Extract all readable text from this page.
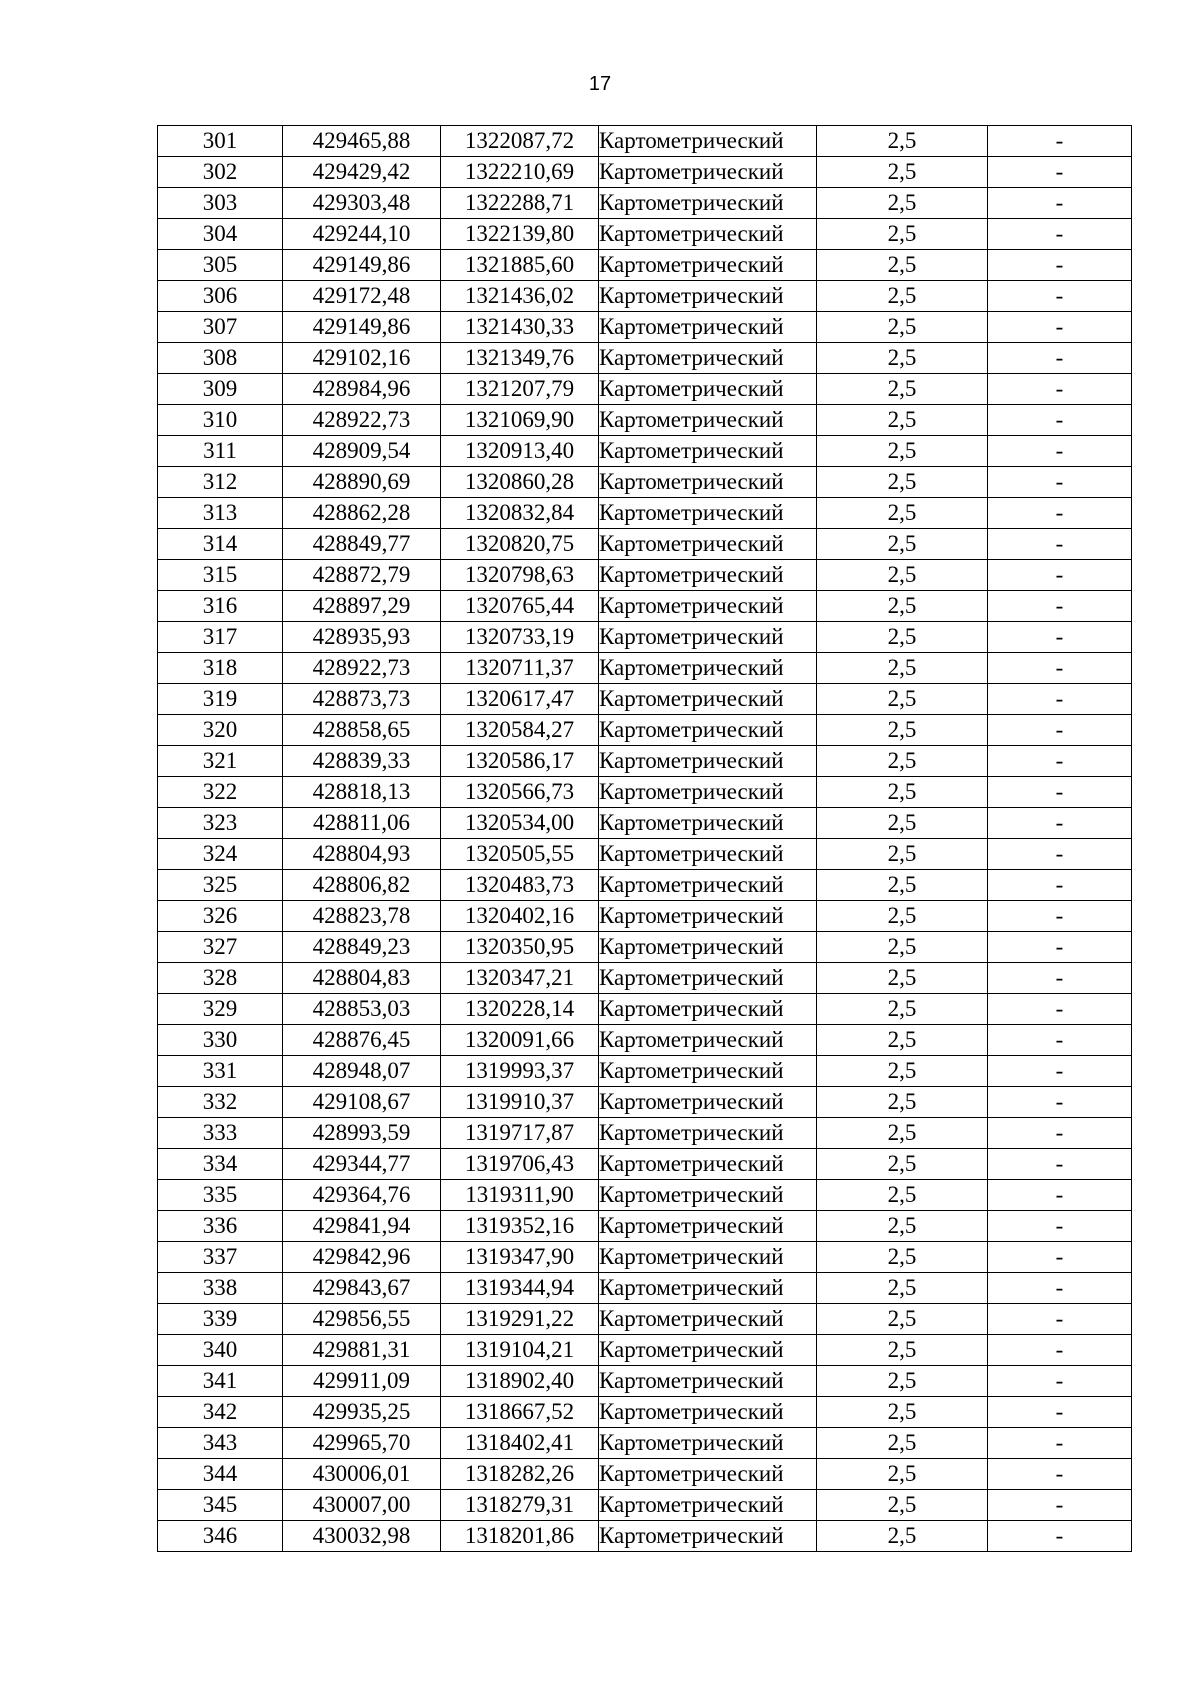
17
301	429465,88	1322087,72	Картометрический	2,5	-
302	429429,42	1322210,69	Картометрический	2,5	-
303	429303,48	1322288,71	Картометрический	2,5	-
304	429244,10	1322139,80	Картометрический	2,5	-
305	429149,86	1321885,60	Картометрический	2,5	-
306	429172,48	1321436,02	Картометрический	2,5	-
307	429149,86	1321430,33	Картометрический	2,5	-
308	429102,16	1321349,76	Картометрический	2,5	-
309	428984,96	1321207,79	Картометрический	2,5	-
310	428922,73	1321069,90	Картометрический	2,5	-
311	428909,54	1320913,40	Картометрический	2,5	-
312	428890,69	1320860,28	Картометрический	2,5	-
313	428862,28	1320832,84	Картометрический	2,5	-
314	428849,77	1320820,75	Картометрический	2,5	-
315	428872,79	1320798,63	Картометрический	2,5	-
316	428897,29	1320765,44	Картометрический	2,5	-
317	428935,93	1320733,19	Картометрический	2,5	-
318	428922,73	1320711,37	Картометрический	2,5	-
319	428873,73	1320617,47	Картометрический	2,5	-
320	428858,65	1320584,27	Картометрический	2,5	-
321	428839,33	1320586,17	Картометрический	2,5	-
322	428818,13	1320566,73	Картометрический	2,5	-
323	428811,06	1320534,00	Картометрический	2,5	-
324	428804,93	1320505,55	Картометрический	2,5	-
325	428806,82	1320483,73	Картометрический	2,5	-
326	428823,78	1320402,16	Картометрический	2,5	-
327	428849,23	1320350,95	Картометрический	2,5	-
328	428804,83	1320347,21	Картометрический	2,5	-
329	428853,03	1320228,14	Картометрический	2,5	-
330	428876,45	1320091,66	Картометрический	2,5	-
331	428948,07	1319993,37	Картометрический	2,5	-
332	429108,67	1319910,37	Картометрический	2,5	-
333	428993,59	1319717,87	Картометрический	2,5	-
334	429344,77	1319706,43	Картометрический	2,5	-
335	429364,76	1319311,90	Картометрический	2,5	-
336	429841,94	1319352,16	Картометрический	2,5	-
337	429842,96	1319347,90	Картометрический	2,5	-
338	429843,67	1319344,94	Картометрический	2,5	-
339	429856,55	1319291,22	Картометрический	2,5	-
340	429881,31	1319104,21	Картометрический	2,5	-
341	429911,09	1318902,40	Картометрический	2,5	-
342	429935,25	1318667,52	Картометрический	2,5	-
343	429965,70	1318402,41	Картометрический	2,5	-
344	430006,01	1318282,26	Картометрический	2,5	-
345	430007,00	1318279,31	Картометрический	2,5	-
346	430032,98	1318201,86	Картометрический	2,5	-
